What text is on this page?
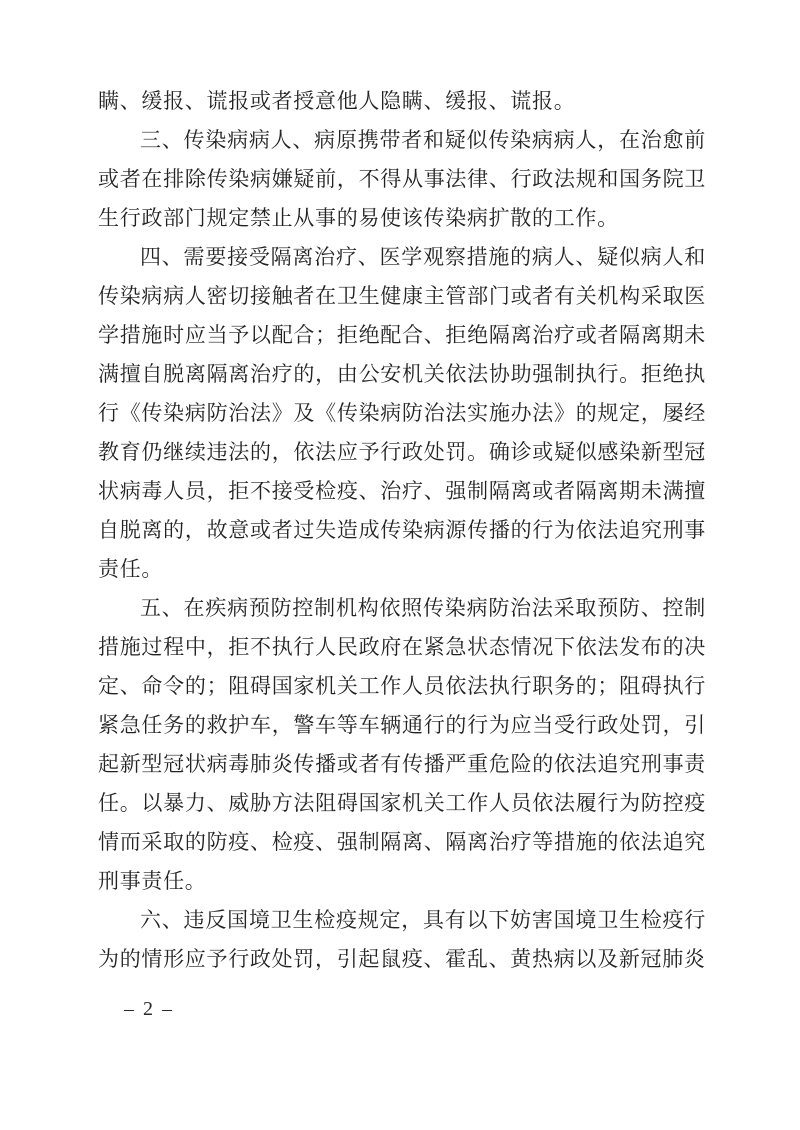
瞒、缓报、谎报或者授意他人隐瞒、缓报、谎报。

三、传染病病人、病原携带者和疑似传染病病人，在治愈前或者在排除传染病嫌疑前，不得从事法律、行政法规和国务院卫生行政部门规定禁止从事的易使该传染病扩散的工作。

四、需要接受隔离治疗、医学观察措施的病人、疑似病人和传染病病人密切接触者在卫生健康主管部门或者有关机构采取医学措施时应当予以配合；拒绝配合、拒绝隔离治疗或者隔离期未满擅自脱离隔离治疗的，由公安机关依法协助强制执行。拒绝执行《传染病防治法》及《传染病防治法实施办法》的规定，屡经教育仍继续违法的，依法应予行政处罚。确诊或疑似感染新型冠状病毒人员，拒不接受检疫、治疗、强制隔离或者隔离期未满擅自脱离的，故意或者过失造成传染病源传播的行为依法追究刑事责任。

五、在疾病预防控制机构依照传染病防治法采取预防、控制措施过程中，拒不执行人民政府在紧急状态情况下依法发布的决定、命令的；阻碍国家机关工作人员依法执行职务的；阻碍执行紧急任务的救护车，警车等车辆通行的行为应当受行政处罚，引起新型冠状病毒肺炎传播或者有传播严重危险的依法追究刑事责任。以暴力、威胁方法阻碍国家机关工作人员依法履行为防控疫情而采取的防疫、检疫、强制隔离、隔离治疗等措施的依法追究刑事责任。

六、违反国境卫生检疫规定，具有以下妨害国境卫生检疫行为的情形应予行政处罚，引起鼠疫、霍乱、黄热病以及新冠肺炎

– 2 –
